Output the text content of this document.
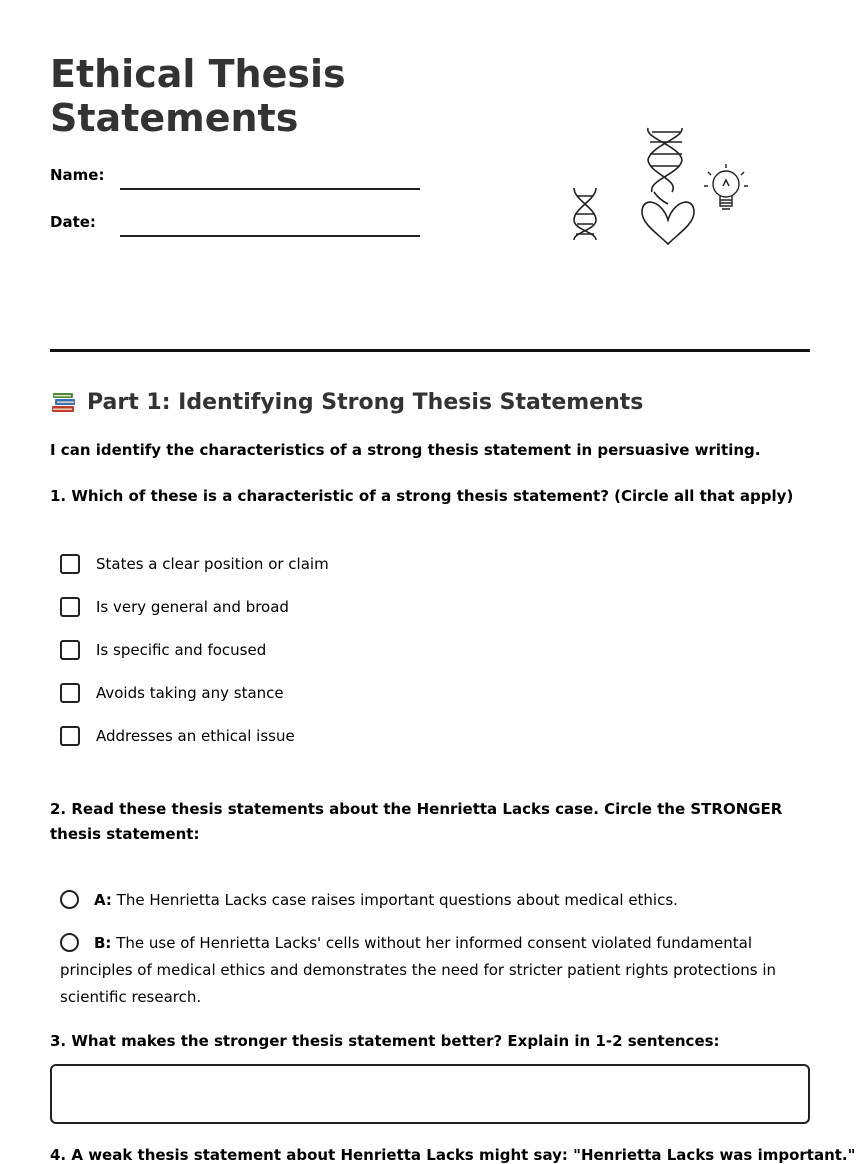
Ethical Thesis Statements
Name:
Date:
Part 1: Identifying Strong Thesis Statements
I can identify the characteristics of a strong thesis statement in persuasive writing.
1. Which of these is a characteristic of a strong thesis statement? (Circle all that apply)
States a clear position or claim
Is very general and broad
Is specific and focused
Avoids taking any stance
Addresses an ethical issue
2. Read these thesis statements about the Henrietta Lacks case. Circle the STRONGER thesis statement:
A: The Henrietta Lacks case raises important questions about medical ethics.
B: The use of Henrietta Lacks' cells without her informed consent violated fundamental principles of medical ethics and demonstrates the need for stricter patient rights protections in scientific research.
3. What makes the stronger thesis statement better? Explain in 1-2 sentences:
4. A weak thesis statement about Henrietta Lacks might say: "Henrietta Lacks was important."
